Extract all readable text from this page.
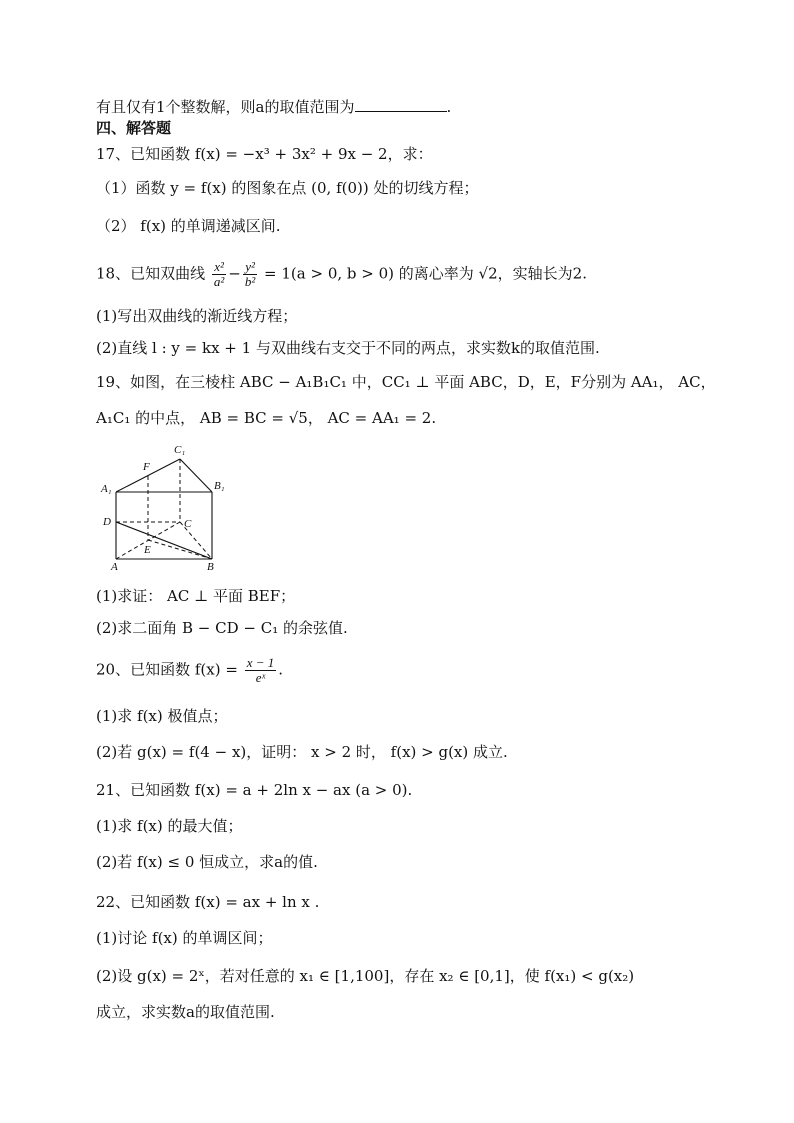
有且仅有1个整数解，则a的取值范围为	.
四、解答题
17、已知函数 f(x) = −x³ + 3x² + 9x − 2，求：
（1）函数 y = f(x) 的图象在点 (0, f(0)) 处的切线方程；
（2） f(x) 的单调递减区间.
18、已知双曲线 $\frac{\text{x²}}{\text{a²}} - \frac{\text{y²}}{\text{b²}} = 1(a > 0$, b > 0) 的离心率为 √2，实轴长为2.
(1)写出双曲线的渐近线方程；
(2)直线 l : y = kx + 1 与双曲线右支交于不同的两点，求实数k的取值范围.
19、如图，在三棱柱 ABC − A₁B₁C₁ 中，CC₁ ⊥ 平面 ABC，D，E，F分别为 AA₁， AC，
A₁C₁ 的中点， AB = BC = √5， AC = AA₁ = 2.
C₁
F
A₁	B₁
D	C
E
A	B
(1)求证： AC ⊥ 平面 BEF；
(2)求二面角 B − CD − C₁ 的余弦值.
20、已知函数 $f(x) = \frac{x - 1}{\text{eˣ}}$ .
(1)求 f(x) 极值点；
(2)若 g(x) = f(4 − x)，证明： x > 2 时， f(x) > g(x) 成立.
21、已知函数 f(x) = a + 2ln x − ax (a > 0).
(1)求 f(x) 的最大值；
(2)若 f(x) ≤ 0 恒成立，求a的值.
22、已知函数 f(x) = ax + ln x .
(1)讨论 f(x) 的单调区间；
(2)设 g(x) = 2ˣ，若对任意的 x₁ ∈ [1,100]，存在 x₂ ∈ [0,1]，使 f(x₁) < g(x₂)
成立，求实数a的取值范围.
